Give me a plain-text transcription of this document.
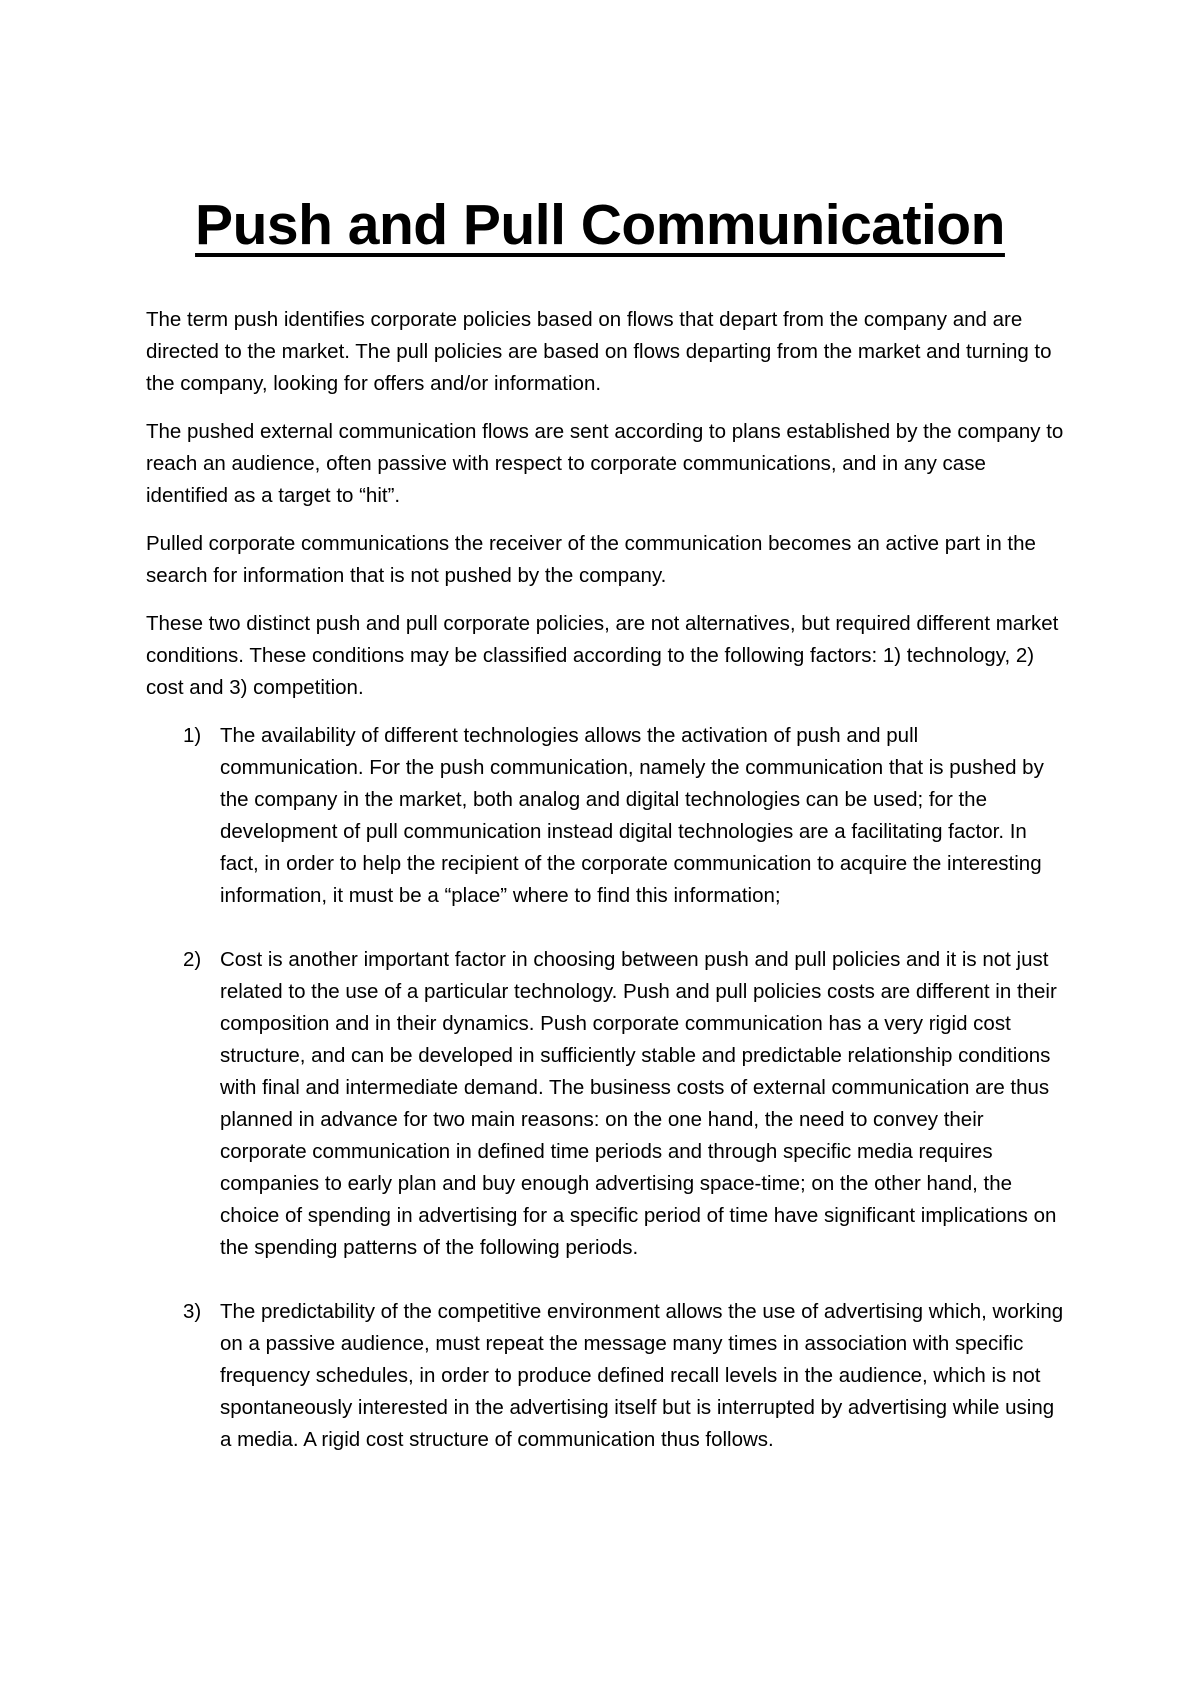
Push and Pull Communication

The term push identifies corporate policies based on flows that depart from the company and are directed to the market. The pull policies are based on flows departing from the market and turning to the company, looking for offers and/or information.

The pushed external communication flows are sent according to plans established by the company to reach an audience, often passive with respect to corporate communications, and in any case identified as a target to “hit”.

Pulled corporate communications the receiver of the communication becomes an active part in the search for information that is not pushed by the company.

These two distinct push and pull corporate policies, are not alternatives, but required different market conditions. These conditions may be classified according to the following factors: 1) technology, 2) cost and 3) competition.

1) The availability of different technologies allows the activation of push and pull communication. For the push communication, namely the communication that is pushed by the company in the market, both analog and digital technologies can be used; for the development of pull communication instead digital technologies are a facilitating factor. In fact, in order to help the recipient of the corporate communication to acquire the interesting information, it must be a “place” where to find this information;
2) Cost is another important factor in choosing between push and pull policies and it is not just related to the use of a particular technology. Push and pull policies costs are different in their composition and in their dynamics. Push corporate communication has a very rigid cost structure, and can be developed in sufficiently stable and predictable relationship conditions with final and intermediate demand. The business costs of external communication are thus planned in advance for two main reasons: on the one hand, the need to convey their corporate communication in defined time periods and through specific media requires companies to early plan and buy enough advertising space-time; on the other hand, the choice of spending in advertising for a specific period of time have significant implications on the spending patterns of the following periods.
3) The predictability of the competitive environment allows the use of advertising which, working on a passive audience, must repeat the message many times in association with specific frequency schedules, in order to produce defined recall levels in the audience, which is not spontaneously interested in the advertising itself but is interrupted by advertising while using a media. A rigid cost structure of communication thus follows.
